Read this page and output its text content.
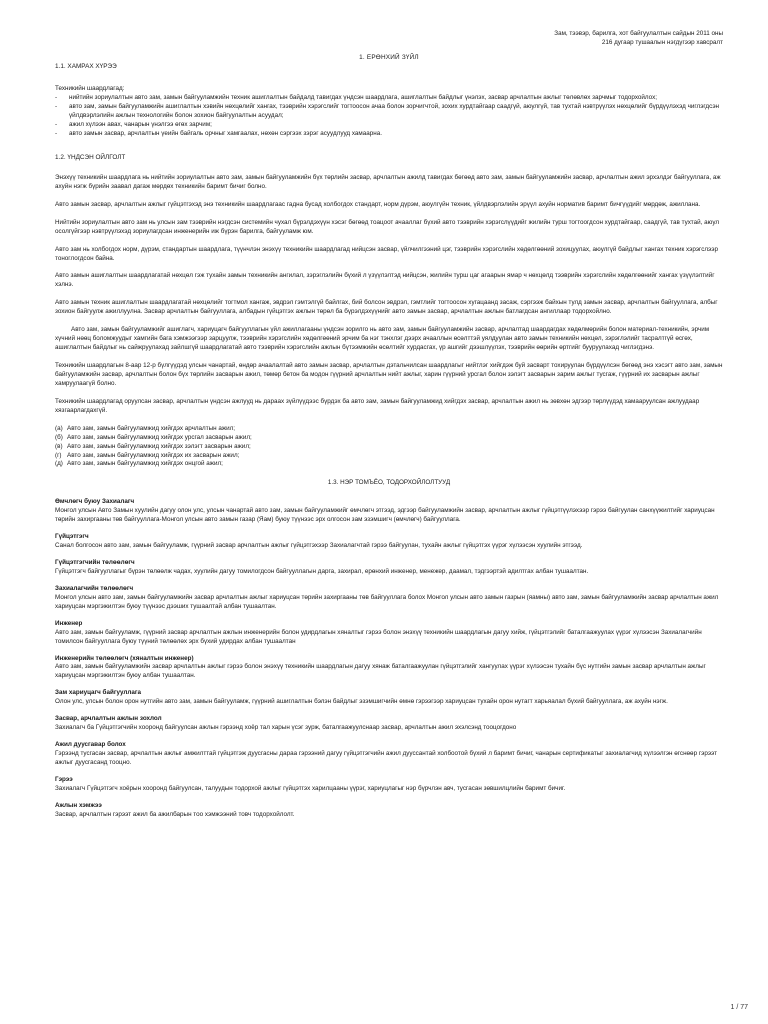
Зам, тээвэр, барилга, хот байгуулалтын сайдын 2011 оны
216 дугаар тушаалын нэгдүгээр хавсралт
1. ЕРӨНХИЙ ЗҮЙЛ
1.1. ХАМРАХ ХҮРЭЭ
Техникийн шаардлагад:
-	нийтийн зориулалтын авто зам, замын байгууламжийн техник ашиглалтын байдалд тавигдах үндсэн шаардлага, ашиглалтын байдлыг үнэлэх, засвар арчлалтын ажлыг төлөвлөх зарчмыг тодорхойлох;
-	авто зам, замын байгууламжийн ашиглалтын хэвийн нөхцөлийг хангах, тээврийн хэрэгслийг тогтоосон ачаа болон зорчигчтой, зохих хурдтайгаар саадгүй, аюулгүй, тав тухтай нэвтрүүлэх нөхцөлийг бүрдүүлэхэд чиглэгдсэн үйлдвэрлэлийн ажлын технологийн болон зохион байгуулалтын асуудал;
-	ажил хүлээн авах, чанарын үнэлгээ өгөх зарчим;
-	авто замын засвар, арчлалтын үеийн байгаль орчныг хамгаалах, нөхөн сэргээх зэрэг асуудлууд хамаарна.
1.2. ҮНДСЭН ОЙЛГОЛТ
Энэхүү техникийн шаардлага нь нийтийн зориулалтын авто зам, замын байгууламжийн бүх төрлийн засвар, арчлалтын ажилд тавигдах бөгөөд авто зам, замын байгууламжийн засвар, арчлалтын ажил эрхэлдэг байгууллага, аж ахуйн нэгж бүрийн заавал дагаж мөрдөх техникийн баримт бичиг болно.
Авто замын засвар, арчлалтын ажлыг гүйцэтгэхэд энэ техникийн шаардлагаас гадна бусад холбогдох стандарт, норм дүрэм, аюулгүйн техник, үйлдвэрлэлийн эрүүл ахуйн норматив баримт бичгүүдийг мөрдөж, ажиллана.
Нийтийн зориулалтын авто зам нь улсын зам тээврийн нэгдсэн системийн чухал бүрэлдэхүүн хэсэг бөгөөд тоацоот ачааллаг бүхий авто тээврийн хэрэгслүүдийг жилийн турш тогтоогдсон хурдтайгаар, саадгүй, тав тухтай, аюул осолгүйгээр нэвтрүүлэхэд зориулагдсан инженерийн иж бүрэн барилга, байгууламж юм.
Авто зам нь холбогдох норм, дүрэм, стандартын шаардлага, түүнчлэн энэхүү техникийн шаардлагад нийцсэн засвар, үйлчилгээний цэг, тээврийн хэрэгслийн хөдөлгөөний зохицуулах, аюулгүй байдлыг хангах техник хэрэгслээр тоноглогдсон байна.
Авто замын ашиглалтын шаардлагатай нөхцөл гэж тухайн замын техникийн ангилал, зэрэглэлийн бүхий л үзүүлэлтэд нийцсэн, жилийн турш цаг агаарын ямар ч нөхцөлд тээврийн хэрэгслийн хөдөлгөөнийг хангах үзүүлэлтийг хэлнэ.
Авто замын техник ашиглалтын шаардлагатай нөхцөлийг тогтмол хангаж, эвдрэл гэмтэлгүй байлгах, бий болсон эвдрэл, гэмтлийг тогтоосон хугацаанд засаж, сэргээж байхын тулд замын засвар, арчлалтын байгууллага, албыг зохион байгуулж ажиллуулна. Засвар арчлалтын байгууллага, албадын гүйцэтгэх ажлын төрөл ба бүрэлдэхүүнийг авто замын засвар, арчлалтын ажлын батлагдсан ангиллаар тодорхойлно.
Авто зам, замын байгууламжийг ашиглагч, хариуцагч байгууллагын үйл ажиллагааны үндсэн зорилго нь авто зам, замын байгууламжийн засвар, арчлалтад шаардагдах хөдөлмөрийн болон материал-техникийн, эрчим хүчний нөөц боломжуудыг хамгийн бага хэмжээгээр зарцуулж, тээврийн хэрэгслийн хөдөлгөөний эрчим ба нэг тэнхлэг дээрх ачааллын өсөлттэй уялдуулан авто замын техникийн нөхцөл, зэрэглэлийг тасралтгүй өсгөх, ашиглалтын байдлыг нь сайжруулахад зайлшгүй шаардлагатай авто тээврийн хэрэгслийн ажлын бүтээмжийн өсөлтийг хурдасгах, үр ашгийг дээшлүүлэх, тээврийн өөрийн өртгийг бууруулахад чиглэгдэнэ.
Техникийн шаардлагын 8-аар 12-р бүлгүүдэд улсын чанартай, өндөр ачаалалтай авто замын засвар, арчлалтын дэтальчилсан шаардлагыг нийтлэг хийгдэж буй засварт тохируулан бүрдүүлсэн бөгөөд энэ хэсэгт авто зам, замын байгууламжийн засвар, арчлалтын болон бүх төрлийн засварын ажил, төмөр бетон ба модон гүүрний арчлалтын нийт ажлыг, харин гүүрний урсгал болон зэлэгт засварын зарим ажлыг тусгаж, гүүрний их засварын ажлыг хамруулаагүй болно.
Техникийн шаардлагад оруулсан засвар, арчлалтын үндсэн ажлууд нь дараах зүйлүүдээс бүрдэх ба авто зам, замын байгууламжид хийгдэх засвар, арчлалтын ажил нь зөвхөн эдгээр төрлүүдэд хамааруулсан ажлуудаар хязгаарлагдахгүй.
(а) Авто зам, замын байгууламжид хийгдэх арчлалтын ажил;
(б) Авто зам, замын байгууламжид хийгдэх урсгал засварын ажил;
(в) Авто зам, замын байгууламжид хийгдэх зэлэгт засварын ажил;
(г) Авто зам, замын байгууламжид хийгдэх их засварын ажил;
(д) Авто зам, замын байгууламжид хийгдэх онцгой ажил;
1.3. НЭР ТОМЪЁО, ТОДОРХОЙЛОЛТУУД
Өмчлөгч буюу Захиалагч
Монгол улсын Авто Замын хуулийн дагуу олон улс, улсын чанартай авто зам, замын байгууламжийг өмчлөгч этгээд, эдгээр байгууламжийн засвар, арчлалтын ажлыг гүйцэтгүүлэхээр гэрээ байгуулан санхүүжилтийг хариуцсан төрийн захиргааны төв байгууллага-Монгол улсын авто замын газар (Яам) буюу түүнээс эрх олгосон зам эзэмшигч (өмчлөгч) байгууллага.
Гүйцэтгэгч
Санал болгосон авто зам, замын байгууламж, гүүрний засвар арчлалтын ажлыг гүйцэтгэхээр Захиалагчтай гэрээ байгуулан, тухайн ажлыг гүйцэтгэх үүрэг хүлээсэн хуулийн этгээд.
Гүйцэтгэгчийн төлөөлөгч
Гүйцэтгэгч байгууллагыг бүрэн төлөөлж чадах, хуулийн дагуу томилогдсон байгууллагын дарга, захирал, ерөнхий инженер, менежер, даамал, тэдгээртэй адилтгах албан тушаалтан.
Захиалагчийн төлөөлөгч
Монгол улсын авто зам, замын байгууламжийн засвар арчлалтын ажлыг хариуцсан төрийн захиргааны төв байгууллага болох Монгол улсын авто замын газрын (яамны) авто зам, замын байгууламжийн засвар арчлалтын ажил хариуцсан мэргэжилтэн буюу түүнээс дээших тушаалтай албан тушаалтан.
Инженер
Авто зам, замын байгууламж, гүүрний засвар арчлалтын ажлын инженерийн болон удирдлагын хяналтыг гэрээ болон энэхүү техникийн шаардлагын дагуу хийж, гүйцэтгэлийг баталгаажуулах үүрэг хүлээсэн Захиалагчийн томилсон байгууллага буюу түүний төлөөлөх эрх бүхий удирдах албан тушаалтан
Инженерийн төлөөлөгч (хяналтын инженер)
Авто зам, замын байгууламжийн засвар арчлалтын ажлыг гэрээ болон энэхүү техникийн шаардлагын дагуу хянаж баталгаажуулан гүйцэтгэлийг хангуулах үүрэг хүлээсэн тухайн бүс нутгийн замын засвар арчлалтын ажлыг хариуцсан мэргэжилтэн буюу албан тушаалтан.
Зам хариуцагч байгууллага
Олон улс, улсын болон орон нутгийн авто зам, замын байгууламж, гүүрний ашиглалтын бэлэн байдлыг эзэмшигчийн өмнө гэрээгээр хариуцсан тухайн орон нутагт харьяалал бүхий байгууллага, аж ахуйн нэгж.
Засвар, арчлалтын ажлын зохлол
Захиалагч ба Гүйцэтгэгчийн хооронд байгуулсан ажлын гэрээнд хоёр тал харын үсэг зурж, баталгаажуулснаар засвар, арчлалтын ажил эхэлсэнд тооцогдоно
Ажил дуусгавар болох
Гэрээнд тусгасан засвар, арчлалтын ажлыг амжилттай гүйцэтгэж дуусгасны дараа гэрээний дагуу гүйцэтгэгчийн ажил дууссантай холбоотой бүхий л баримт бичиг, чанарын сертификатыг захиалагчид хүлээлгэн өгснөөр гэрээт ажлыг дуусгасанд тооцно.
Гэрээ
Захиалагч Гүйцэтгэгч хоёрын хооронд байгуулсан, талуудын тодорхой ажлыг гүйцэтгэх харилцааны үүрэг, хариуцлагыг нэр бүрчлэн авч, тусгасан зөвшилцлийн баримт бичиг.
Ажлын хэмжээ
Засвар, арчлалтын гэрээт ажил ба ажилбарын тоо хэмжээний товч тодорхойлолт.
1 / 77
